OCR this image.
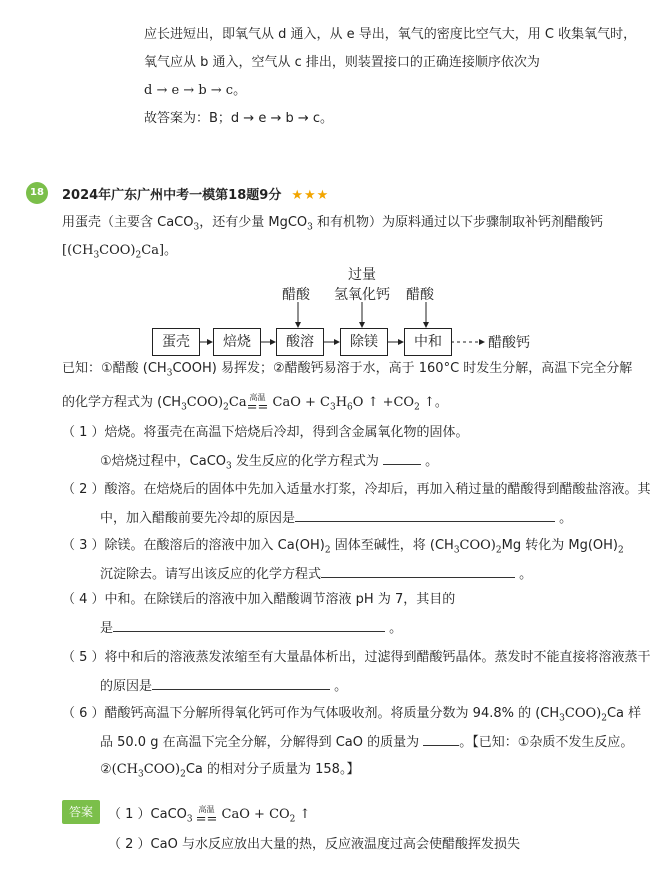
应长进短出，即氧气从 d 通入，从 e 导出，氧气的密度比空气大，用 C 收集氧气时，
氧气应从 b 通入，空气从 c 排出，则装置接口的正确连接顺序依次为
d → e → b → c。
故答案为：B；d → e → b → c。
18	2024年广东广州中考一模第18题9分 ★★★
用蛋壳（主要含 CaCO$_3$，还有少量 MgCO$_3$ 和有机物）为原料通过以下步骤制取补钙剂醋酸钙
$[(CH_3COO)_2Ca]$。
蛋壳	焙烧	酸溶	除镁	中和	醋酸钙
醋酸
过量
氢氧化钙 醋酸
已知：①醋酸 $(CH_3COOH)$ 易挥发；②醋酸钙易溶于水，高于 160°C 时发生分解，高温下完全分解
的化学方程式为 $(CH_3COO)_2Ca$ 高温
== CaO + $C_3H_6O$ ↑ $+CO_2$ ↑。
（ 1 ）焙烧。将蛋壳在高温下焙烧后冷却，得到含金属氧化物的固体。
①焙烧过程中，CaCO$_3$ 发生反应的化学方程式为	。
（ 2 ）酸溶。在焙烧后的固体中先加入适量水打浆，冷却后，再加入稍过量的醋酸得到醋酸盐溶液。其
中，加入醋酸前要先冷却的原因是	。
（ 3 ）除镁。在酸溶后的溶液中加入 $Ca(OH)_2$ 固体至碱性，将 $(CH_3COO)_2Mg$ 转化为 $Mg(OH)_2$
沉淀除去。请写出该反应的化学方程式	。
（ 4 ）中和。在除镁后的溶液中加入醋酸调节溶液 pH 为 7，其目的
是	。
（ 5 ）将中和后的溶液蒸发浓缩至有大量晶体析出，过滤得到醋酸钙晶体。蒸发时不能直接将溶液蒸干
的原因是	。
（ 6 ）醋酸钙高温下分解所得氧化钙可作为气体吸收剂。将质量分数为 94.8% 的 $(CH_3COO)_2Ca$ 样
品 50.0 g 在高温下完全分解，分解得到 CaO 的质量为	。【已知：①杂质不发生反应。
$②(CH_3COO)_2Ca$ 的相对分子质量为 158。】
答案	（ 1 ）CaCO$_3$
高温
== CaO + $CO_2$ ↑
（ 2 ）CaO 与水反应放出大量的热，反应液温度过高会使醋酸挥发损失
